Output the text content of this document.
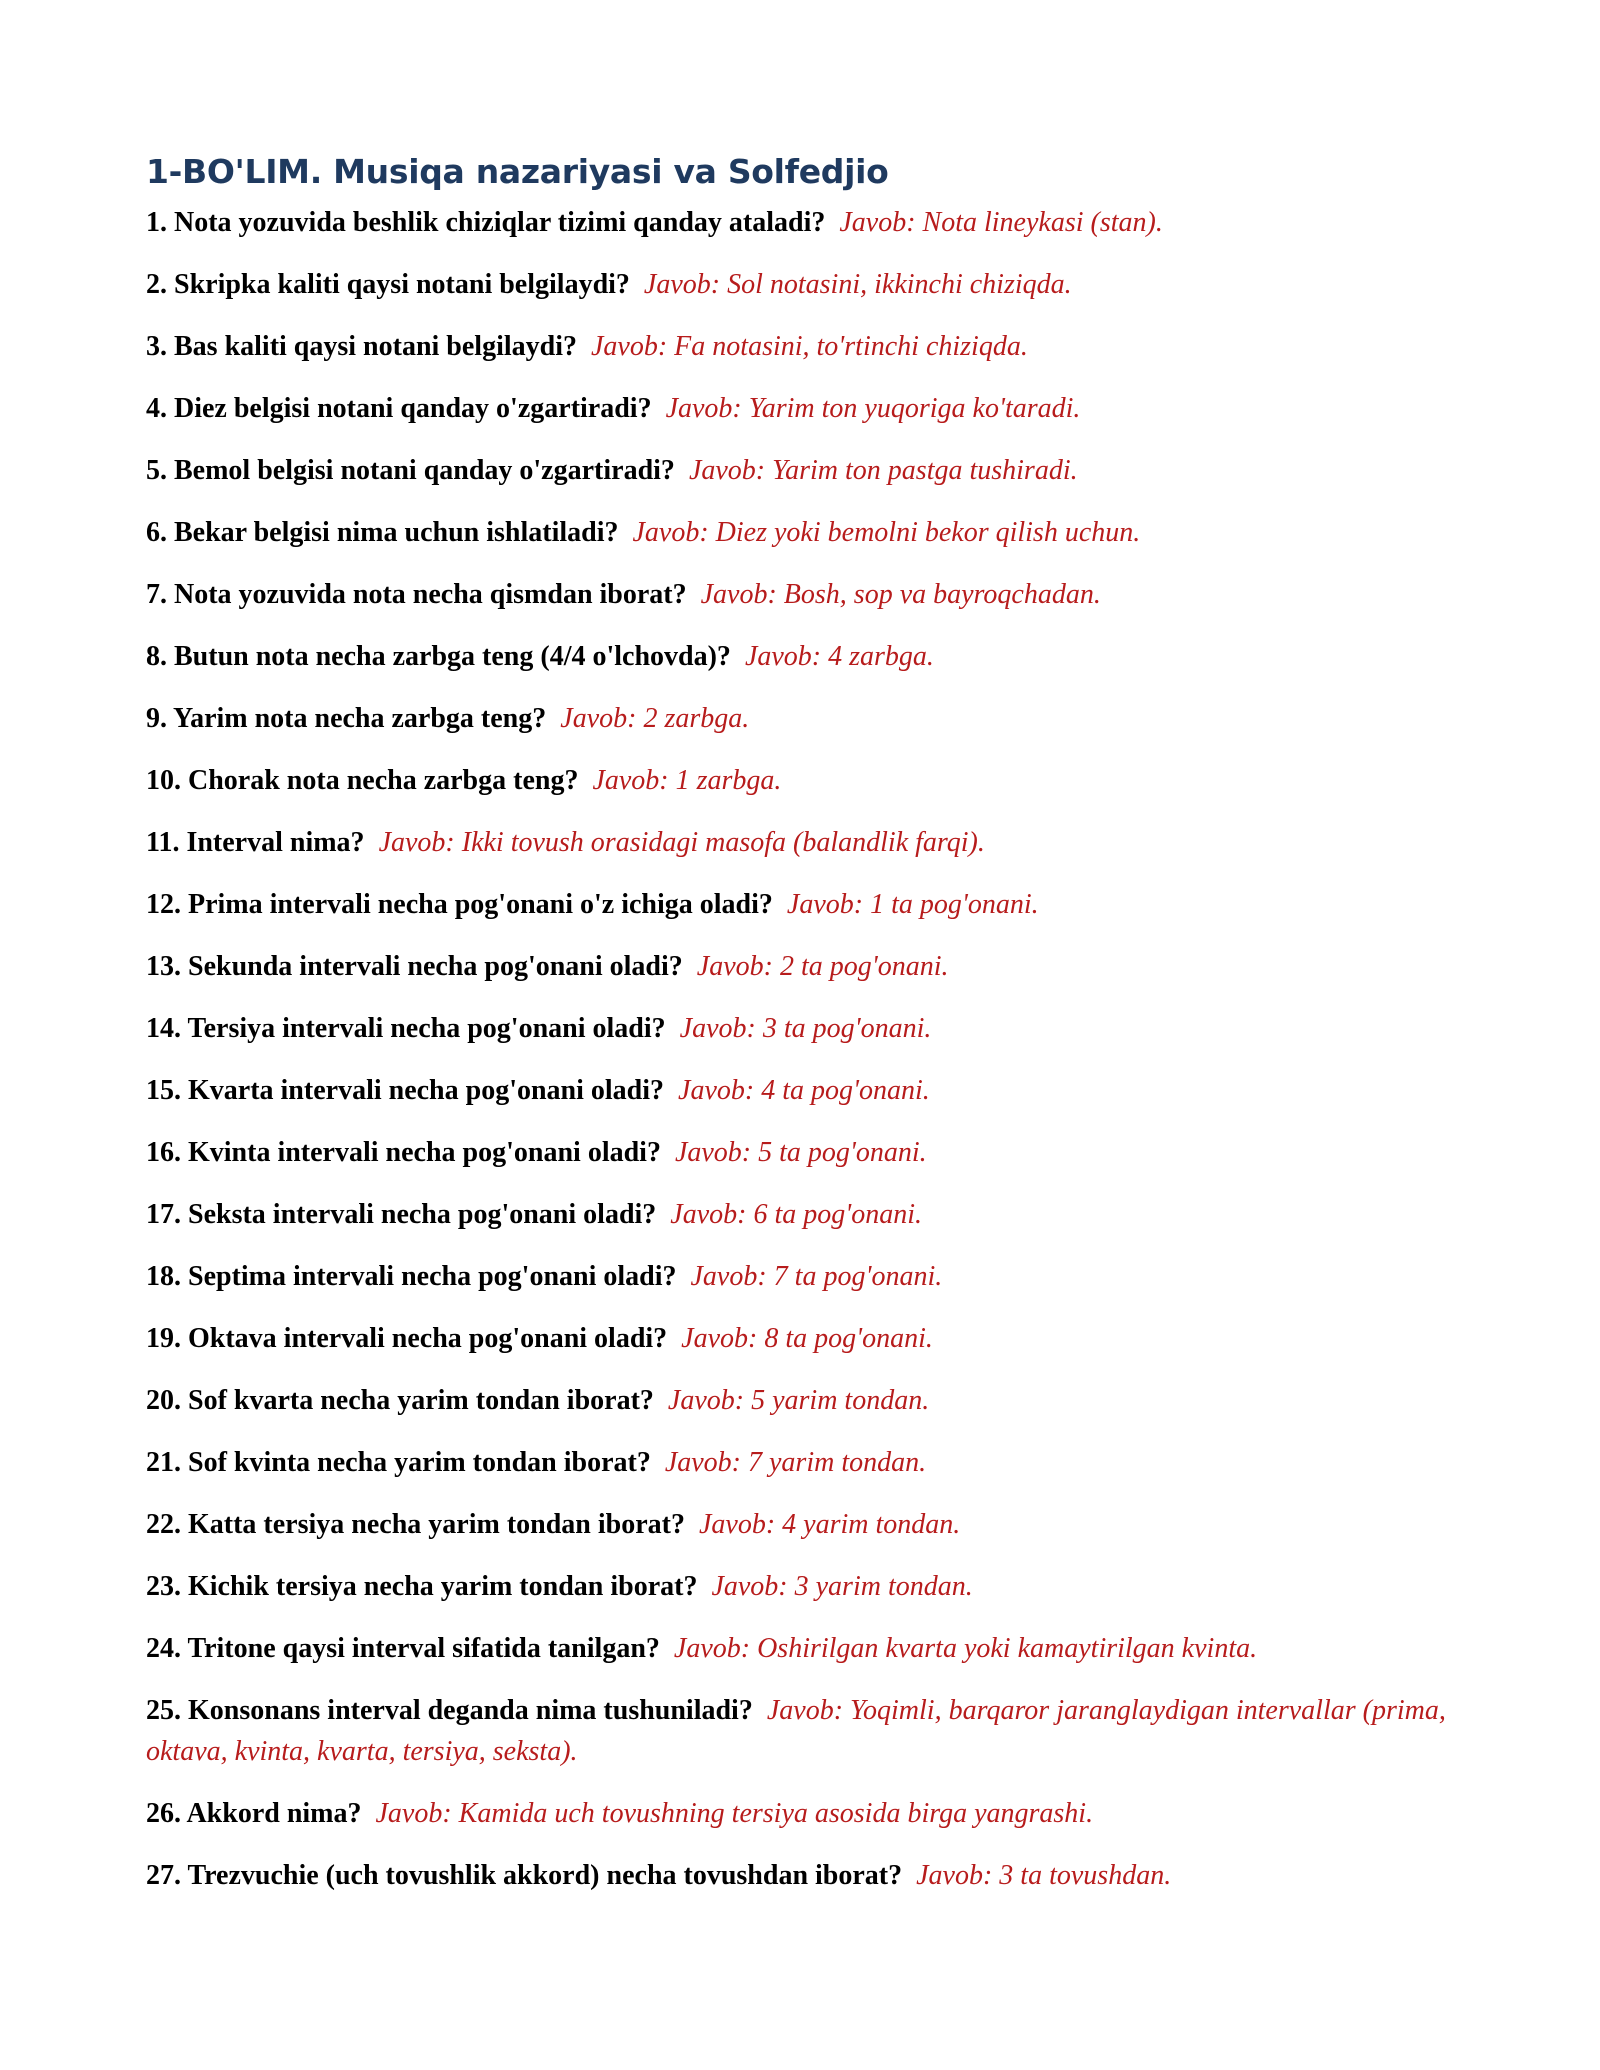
1-BO'LIM. Musiqa nazariyasi va Solfedjio
1. Nota yozuvida beshlik chiziqlar tizimi qanday ataladi? Javob: Nota lineykasi (stan).
2. Skripka kaliti qaysi notani belgilaydi? Javob: Sol notasini, ikkinchi chiziqda.
3. Bas kaliti qaysi notani belgilaydi? Javob: Fa notasini, to'rtinchi chiziqda.
4. Diez belgisi notani qanday o'zgartiradi? Javob: Yarim ton yuqoriga ko'taradi.
5. Bemol belgisi notani qanday o'zgartiradi? Javob: Yarim ton pastga tushiradi.
6. Bekar belgisi nima uchun ishlatiladi? Javob: Diez yoki bemolni bekor qilish uchun.
7. Nota yozuvida nota necha qismdan iborat? Javob: Bosh, sop va bayroqchadan.
8. Butun nota necha zarbga teng (4/4 o'lchovda)? Javob: 4 zarbga.
9. Yarim nota necha zarbga teng? Javob: 2 zarbga.
10. Chorak nota necha zarbga teng? Javob: 1 zarbga.
11. Interval nima? Javob: Ikki tovush orasidagi masofa (balandlik farqi).
12. Prima intervali necha pog'onani o'z ichiga oladi? Javob: 1 ta pog'onani.
13. Sekunda intervali necha pog'onani oladi? Javob: 2 ta pog'onani.
14. Tersiya intervali necha pog'onani oladi? Javob: 3 ta pog'onani.
15. Kvarta intervali necha pog'onani oladi? Javob: 4 ta pog'onani.
16. Kvinta intervali necha pog'onani oladi? Javob: 5 ta pog'onani.
17. Seksta intervali necha pog'onani oladi? Javob: 6 ta pog'onani.
18. Septima intervali necha pog'onani oladi? Javob: 7 ta pog'onani.
19. Oktava intervali necha pog'onani oladi? Javob: 8 ta pog'onani.
20. Sof kvarta necha yarim tondan iborat? Javob: 5 yarim tondan.
21. Sof kvinta necha yarim tondan iborat? Javob: 7 yarim tondan.
22. Katta tersiya necha yarim tondan iborat? Javob: 4 yarim tondan.
23. Kichik tersiya necha yarim tondan iborat? Javob: 3 yarim tondan.
24. Tritone qaysi interval sifatida tanilgan? Javob: Oshirilgan kvarta yoki kamaytirilgan kvinta.
25. Konsonans interval deganda nima tushuniladi? Javob: Yoqimli, barqaror jaranglaydigan intervallar (prima, oktava, kvinta, kvarta, tersiya, seksta).
26. Akkord nima? Javob: Kamida uch tovushning tersiya asosida birga yangrashi.
27. Trezvuchie (uch tovushlik akkord) necha tovushdan iborat? Javob: 3 ta tovushdan.
